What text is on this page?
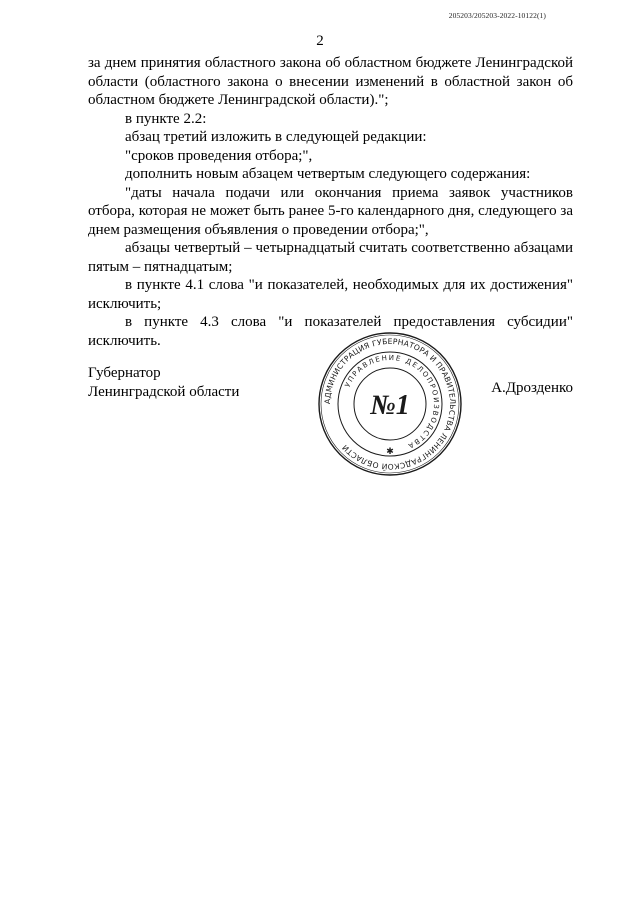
205203/205203-2022-10122(1)
2

за днем принятия областного закона об областном бюджете Ленинградской области (областного закона о внесении изменений в областной закон об областном бюджете Ленинградской области).";

в пункте 2.2:

абзац третий изложить в следующей редакции:

"сроков проведения отбора;",

дополнить новым абзацем четвертым следующего содержания:

"даты начала подачи или окончания приема заявок участников отбора, которая не может быть ранее 5-го календарного дня, следующего за днем размещения объявления о проведении отбора;",

абзацы четвертый – четырнадцатый считать соответственно абзацами пятым – пятнадцатым;

в пункте 4.1 слова "и показателей, необходимых для их достижения" исключить;

в пункте 4.3 слова "и показателей предоставления субсидии" исключить.

Губернатор
Ленинградской области
АДМИНИСТРАЦИЯ ГУБЕРНАТОРА И ПРАВИТЕЛЬСТВА ЛЕНИНГРАДСКОЙ ОБЛАСТИ
УПРАВЛЕНИЕ ДЕЛОПРОИЗВОДСТВА
№1
✱
А.Дрозденко
